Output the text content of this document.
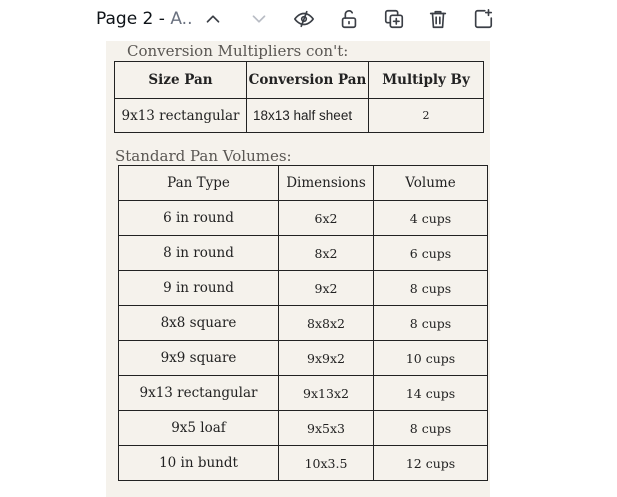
Page 2 - A..
Conversion Multipliers con't:
Size Pan	Conversion Pan	Multiply By
9x13 rectangular	18x13 half sheet	2
Standard Pan Volumes:
Pan Type	Dimensions	Volume
6 in round	6x2	4 cups
8 in round	8x2	6 cups
9 in round	9x2	8 cups
8x8 square	8x8x2	8 cups
9x9 square	9x9x2	10 cups
9x13 rectangular	9x13x2	14 cups
9x5 loaf	9x5x3	8 cups
10 in bundt	10x3.5	12 cups
